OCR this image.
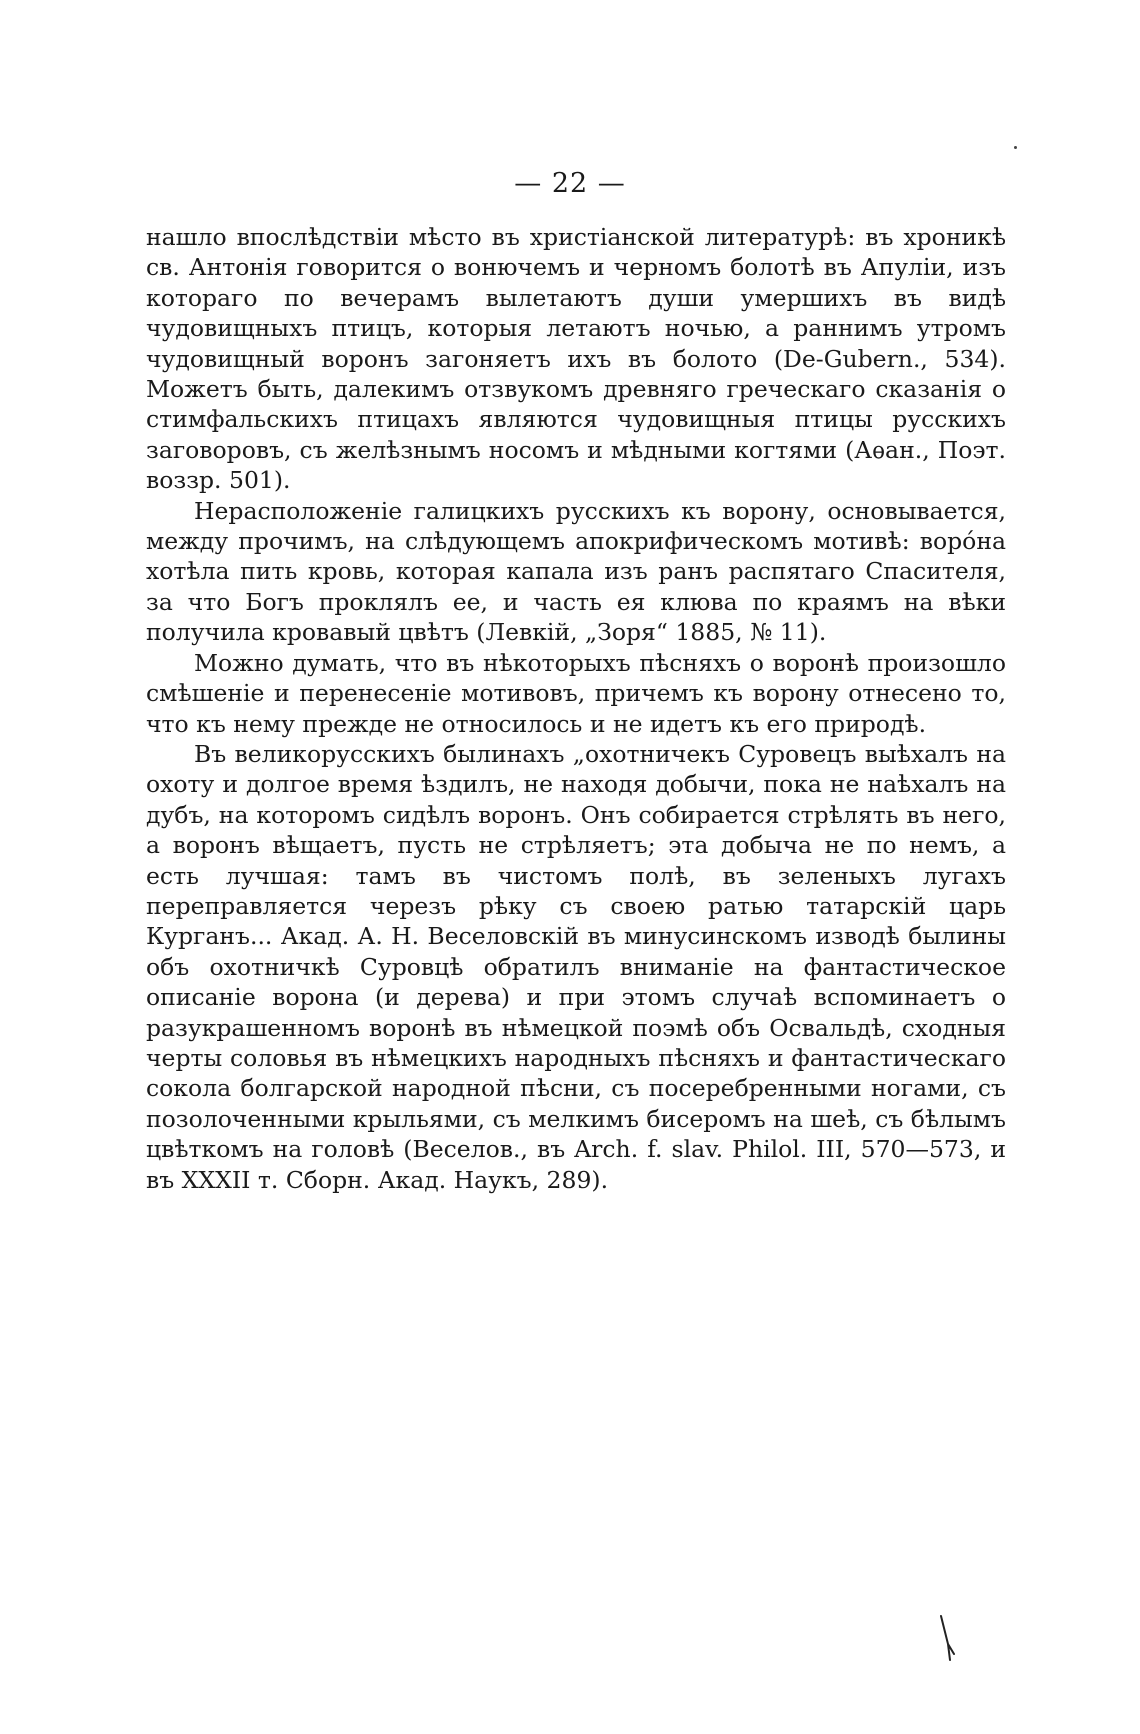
— 22 —

нашло впослѣдствіи мѣсто въ христіанской литературѣ: въ хроникѣ св. Антонія говорится о вонючемъ и черномъ болотѣ въ Апуліи, изъ котораго по вечерамъ вылетаютъ души умершихъ въ видѣ чудовищныхъ птицъ, которыя летаютъ ночью, а раннимъ утромъ чудовищный воронъ загоняетъ ихъ въ болото (De-Gubern., 534). Можетъ быть, далекимъ отзвукомъ древняго греческаго сказанія о стимфальскихъ птицахъ являются чудовищныя птицы русскихъ заговоровъ, съ желѣзнымъ носомъ и мѣдными когтями (Аѳан., Поэт. воззр. 501).

Нерасположеніе галицкихъ русскихъ къ ворону, основывается, между прочимъ, на слѣдующемъ апокрифическомъ мотивѣ: воро́на хотѣла пить кровь, которая капала изъ ранъ распятаго Спасителя, за что Богъ проклялъ ее, и часть ея клюва по краямъ на вѣки получила кровавый цвѣтъ (Левкій, „Зоря“ 1885, № 11).

Можно думать, что въ нѣкоторыхъ пѣсняхъ о воронѣ произошло смѣшеніе и перенесеніе мотивовъ, причемъ къ ворону отнесено то, что къ нему прежде не относилось и не идетъ къ его природѣ.

Въ великорусскихъ былинахъ „охотничекъ Суровецъ выѣхалъ на охоту и долгое время ѣздилъ, не находя добычи, пока не наѣхалъ на дубъ, на которомъ сидѣлъ воронъ. Онъ собирается стрѣлять въ него, а воронъ вѣщаетъ, пусть не стрѣляетъ; эта добыча не по немъ, а есть лучшая: тамъ въ чистомъ полѣ, въ зеленыхъ лугахъ переправляется черезъ рѣку съ своею ратью татарскій царь Курганъ... Акад. А. Н. Веселовскій въ минусинскомъ изводѣ былины объ охотничкѣ Суровцѣ обратилъ вниманіе на фантастическое описаніе ворона (и дерева) и при этомъ случаѣ вспоминаетъ о разукрашенномъ воронѣ въ нѣмецкой поэмѣ объ Освальдѣ, сходныя черты соловья въ нѣмецкихъ народныхъ пѣсняхъ и фантастическаго сокола болгарской народной пѣсни, съ посеребренными ногами, съ позолоченными крыльями, съ мелкимъ бисеромъ на шеѣ, съ бѣлымъ цвѣткомъ на головѣ (Веселов., въ Arch. f. slav. Philol. III, 570—573, и въ XXXII т. Сборн. Акад. Наукъ, 289).
